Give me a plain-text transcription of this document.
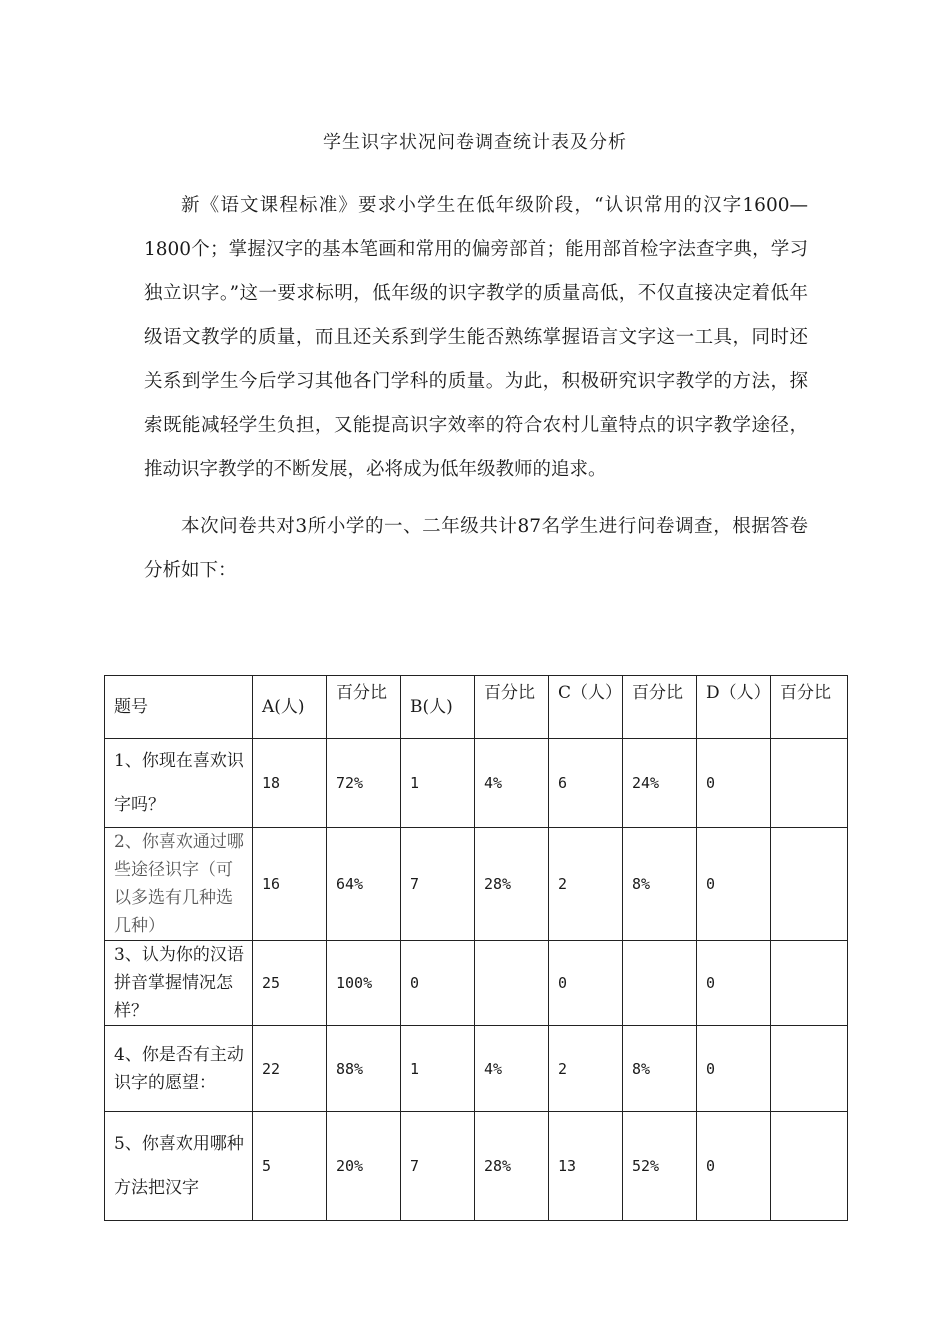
学生识字状况问卷调查统计表及分析

新《语文课程标准》要求小学生在低年级阶段，“认识常用的汉字1600—1800个；掌握汉字的基本笔画和常用的偏旁部首；能用部首检字法查字典，学习独立识字。”这一要求标明，低年级的识字教学的质量高低，不仅直接决定着低年级语文教学的质量，而且还关系到学生能否熟练掌握语言文字这一工具，同时还关系到学生今后学习其他各门学科的质量。为此，积极研究识字教学的方法，探索既能减轻学生负担，又能提高识字效率的符合农村儿童特点的识字教学途径，推动识字教学的不断发展，必将成为低年级教师的追求。

本次问卷共对3所小学的一、二年级共计87名学生进行问卷调查，根据答卷分析如下：

题号	A(人)	百分比	B(人)	百分比	C（人）	百分比	D（人）	百分比
1、你现在喜欢识字吗？	18	72%	1	4%	6	24%	0	
2、你喜欢通过哪些途径识字（可以多选有几种选几种）	16	64%	7	28%	2	8%	0	
3、认为你的汉语拼音掌握情况怎样？	25	100%	0		0		0	
4、你是否有主动识字的愿望：	22	88%	1	4%	2	8%	0	
5、你喜欢用哪种方法把汉字	5	20%	7	28%	13	52%	0	
